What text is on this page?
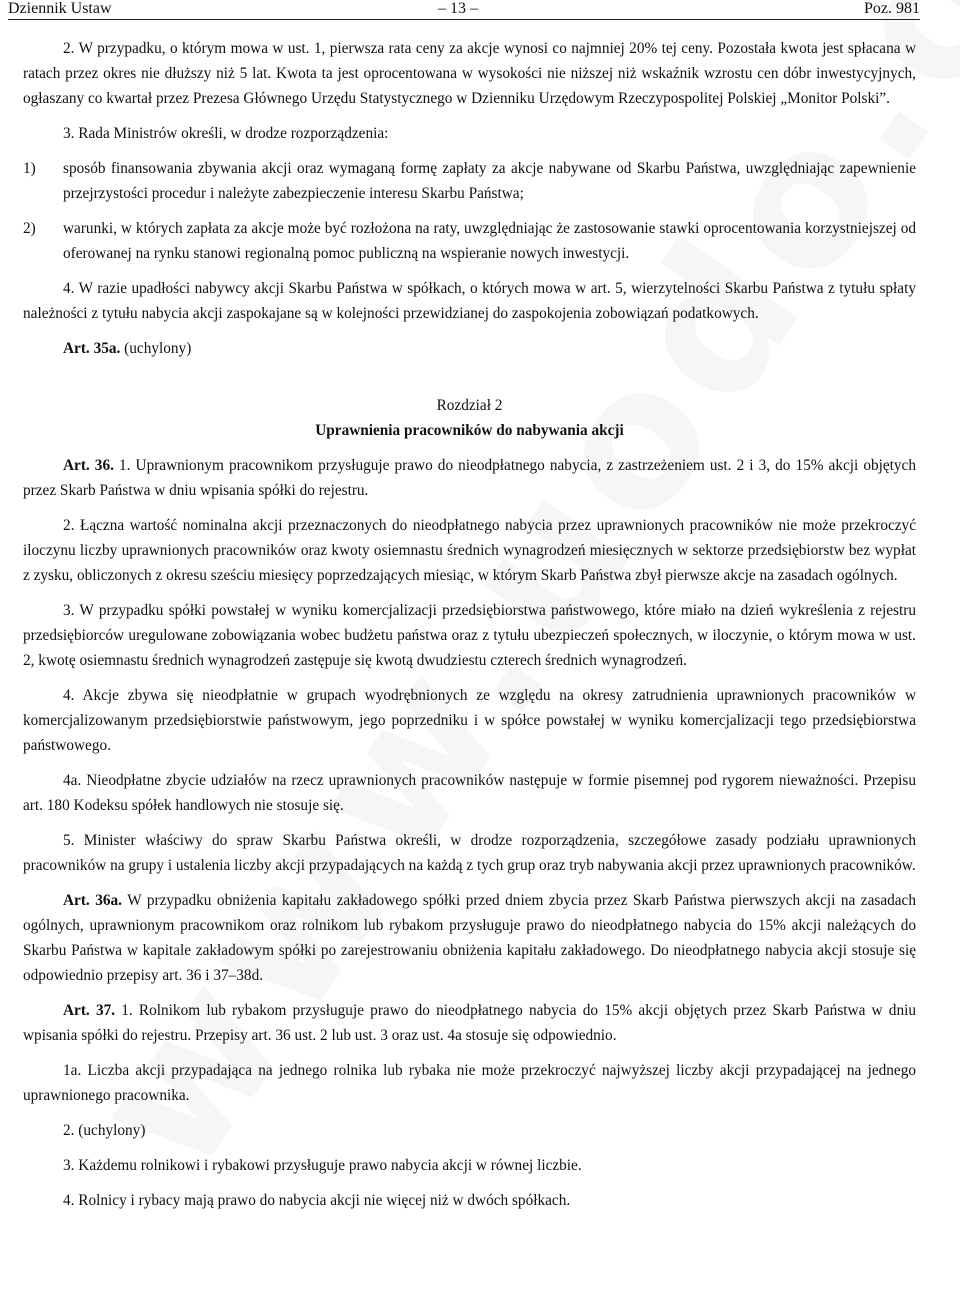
Dziennik Ustaw	– 13 –	Poz. 981

2. W przypadku, o którym mowa w ust. 1, pierwsza rata ceny za akcje wynosi co najmniej 20% tej ceny. Pozostała kwota jest spłacana w ratach przez okres nie dłuższy niż 5 lat. Kwota ta jest oprocentowana w wysokości nie niższej niż wskaźnik wzrostu cen dóbr inwestycyjnych, ogłaszany co kwartał przez Prezesa Głównego Urzędu Statystycznego w Dzienniku Urzędowym Rzeczypospolitej Polskiej „Monitor Polski”.

3. Rada Ministrów określi, w drodze rozporządzenia:

1) sposób finansowania zbywania akcji oraz wymaganą formę zapłaty za akcje nabywane od Skarbu Państwa, uwzględniając zapewnienie przejrzystości procedur i należyte zabezpieczenie interesu Skarbu Państwa;
2) warunki, w których zapłata za akcje może być rozłożona na raty, uwzględniając że zastosowanie stawki oprocentowania korzystniejszej od oferowanej na rynku stanowi regionalną pomoc publiczną na wspieranie nowych inwestycji.

4. W razie upadłości nabywcy akcji Skarbu Państwa w spółkach, o których mowa w art. 5, wierzytelności Skarbu Państwa z tytułu spłaty należności z tytułu nabycia akcji zaspokajane są w kolejności przewidzianej do zaspokojenia zobowiązań podatkowych.

Art. 35a. (uchylony)

Rozdział 2

Uprawnienia pracowników do nabywania akcji

Art. 36. 1. Uprawnionym pracownikom przysługuje prawo do nieodpłatnego nabycia, z zastrzeżeniem ust. 2 i 3, do 15% akcji objętych przez Skarb Państwa w dniu wpisania spółki do rejestru.

2. Łączna wartość nominalna akcji przeznaczonych do nieodpłatnego nabycia przez uprawnionych pracowników nie może przekroczyć iloczynu liczby uprawnionych pracowników oraz kwoty osiemnastu średnich wynagrodzeń miesięcznych w sektorze przedsiębiorstw bez wypłat z zysku, obliczonych z okresu sześciu miesięcy poprzedzających miesiąc, w którym Skarb Państwa zbył pierwsze akcje na zasadach ogólnych.

3. W przypadku spółki powstałej w wyniku komercjalizacji przedsiębiorstwa państwowego, które miało na dzień wykreślenia z rejestru przedsiębiorców uregulowane zobowiązania wobec budżetu państwa oraz z tytułu ubezpieczeń społecznych, w iloczynie, o którym mowa w ust. 2, kwotę osiemnastu średnich wynagrodzeń zastępuje się kwotą dwudziestu czterech średnich wynagrodzeń.

4. Akcje zbywa się nieodpłatnie w grupach wyodrębnionych ze względu na okresy zatrudnienia uprawnionych pracowników w komercjalizowanym przedsiębiorstwie państwowym, jego poprzedniku i w spółce powstałej w wyniku komercjalizacji tego przedsiębiorstwa państwowego.

4a. Nieodpłatne zbycie udziałów na rzecz uprawnionych pracowników następuje w formie pisemnej pod rygorem nieważności. Przepisu art. 180 Kodeksu spółek handlowych nie stosuje się.

5. Minister właściwy do spraw Skarbu Państwa określi, w drodze rozporządzenia, szczegółowe zasady podziału uprawnionych pracowników na grupy i ustalenia liczby akcji przypadających na każdą z tych grup oraz tryb nabywania akcji przez uprawnionych pracowników.

Art. 36a. W przypadku obniżenia kapitału zakładowego spółki przed dniem zbycia przez Skarb Państwa pierwszych akcji na zasadach ogólnych, uprawnionym pracownikom oraz rolnikom lub rybakom przysługuje prawo do nieodpłatnego nabycia do 15% akcji należących do Skarbu Państwa w kapitale zakładowym spółki po zarejestrowaniu obniżenia kapitału zakładowego. Do nieodpłatnego nabycia akcji stosuje się odpowiednio przepisy art. 36 i 37–38d.

Art. 37. 1. Rolnikom lub rybakom przysługuje prawo do nieodpłatnego nabycia do 15% akcji objętych przez Skarb Państwa w dniu wpisania spółki do rejestru. Przepisy art. 36 ust. 2 lub ust. 3 oraz ust. 4a stosuje się odpowiednio.

1a. Liczba akcji przypadająca na jednego rolnika lub rybaka nie może przekroczyć najwyższej liczby akcji przypadającej na jednego uprawnionego pracownika.

2. (uchylony)

3. Każdemu rolnikowi i rybakowi przysługuje prawo nabycia akcji w równej liczbie.

4. Rolnicy i rybacy mają prawo do nabycia akcji nie więcej niż w dwóch spółkach.
